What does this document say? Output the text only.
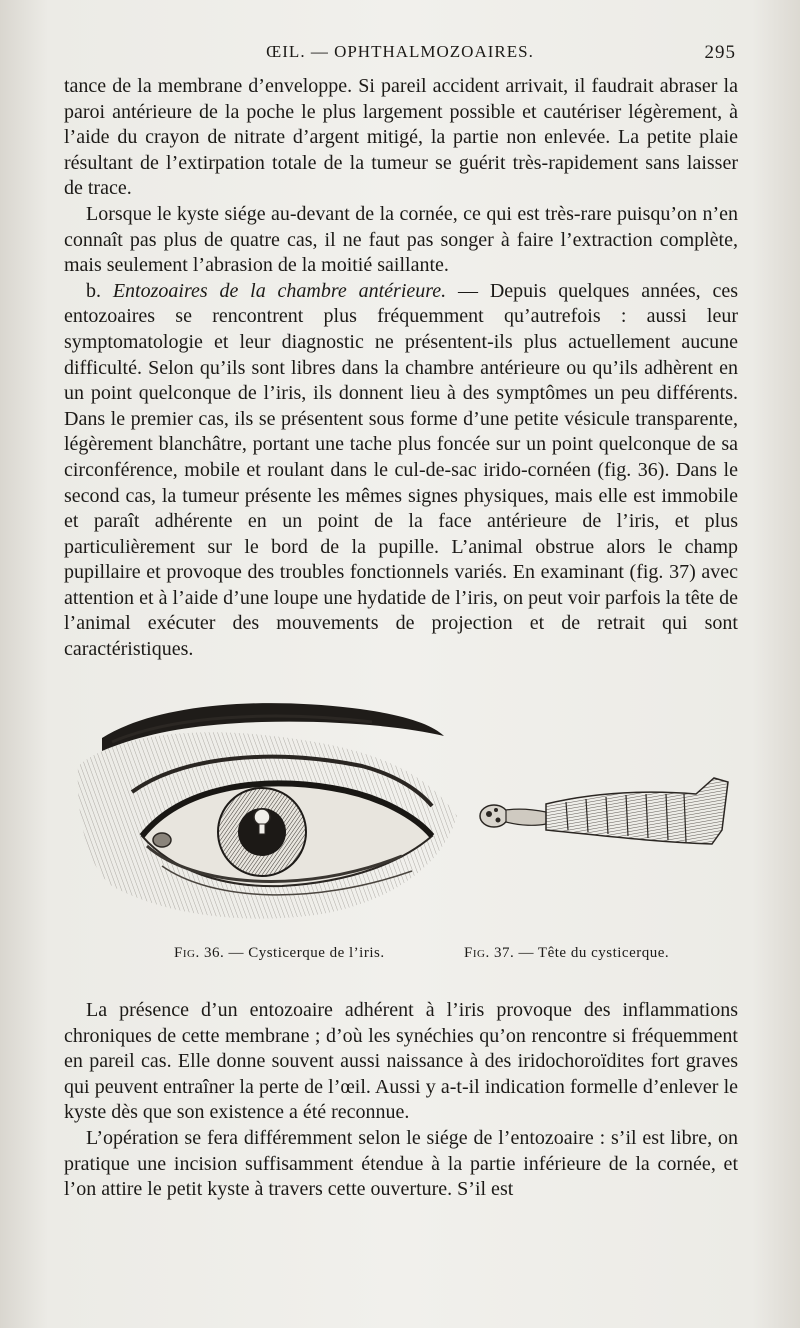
ŒIL. — OPHTHALMOZOAIRES.	295

tance de la membrane d’enveloppe. Si pareil accident arrivait, il faudrait abraser la paroi antérieure de la poche le plus largement possible et cautériser légèrement, à l’aide du crayon de nitrate d’argent mitigé, la partie non enlevée. La petite plaie résultant de l’extirpation totale de la tumeur se guérit très-rapidement sans laisser de trace.

Lorsque le kyste siége au-devant de la cornée, ce qui est très-rare puisqu’on n’en connaît pas plus de quatre cas, il ne faut pas songer à faire l’extraction complète, mais seulement l’abrasion de la moitié saillante.

b. Entozoaires de la chambre antérieure. — Depuis quelques années, ces entozoaires se rencontrent plus fréquemment qu’autrefois : aussi leur symptomatologie et leur diagnostic ne présentent-ils plus actuellement aucune difficulté. Selon qu’ils sont libres dans la chambre antérieure ou qu’ils adhèrent en un point quelconque de l’iris, ils donnent lieu à des symptômes un peu différents. Dans le premier cas, ils se présentent sous forme d’une petite vésicule transparente, légèrement blanchâtre, portant une tache plus foncée sur un point quelconque de sa circonférence, mobile et roulant dans le cul-de-sac irido-cornéen (fig. 36). Dans le second cas, la tumeur présente les mêmes signes physiques, mais elle est immobile et paraît adhérente en un point de la face antérieure de l’iris, et plus particulièrement sur le bord de la pupille. L’animal obstrue alors le champ pupillaire et provoque des troubles fonctionnels variés. En examinant (fig. 37) avec attention et à l’aide d’une loupe une hydatide de l’iris, on peut voir parfois la tête de l’animal exécuter des mouvements de projection et de retrait qui sont caractéristiques.

Fig. 36. — Cysticerque de l’iris.	Fig. 37. — Tête du cysticerque.

La présence d’un entozoaire adhérent à l’iris provoque des inflammations chroniques de cette membrane ; d’où les synéchies qu’on rencontre si fréquemment en pareil cas. Elle donne souvent aussi naissance à des iridochoroïdites fort graves qui peuvent entraîner la perte de l’œil. Aussi y a-t-il indication formelle d’enlever le kyste dès que son existence a été reconnue.

L’opération se fera différemment selon le siége de l’entozoaire : s’il est libre, on pratique une incision suffisamment étendue à la partie inférieure de la cornée, et l’on attire le petit kyste à travers cette ouverture. S’il est
